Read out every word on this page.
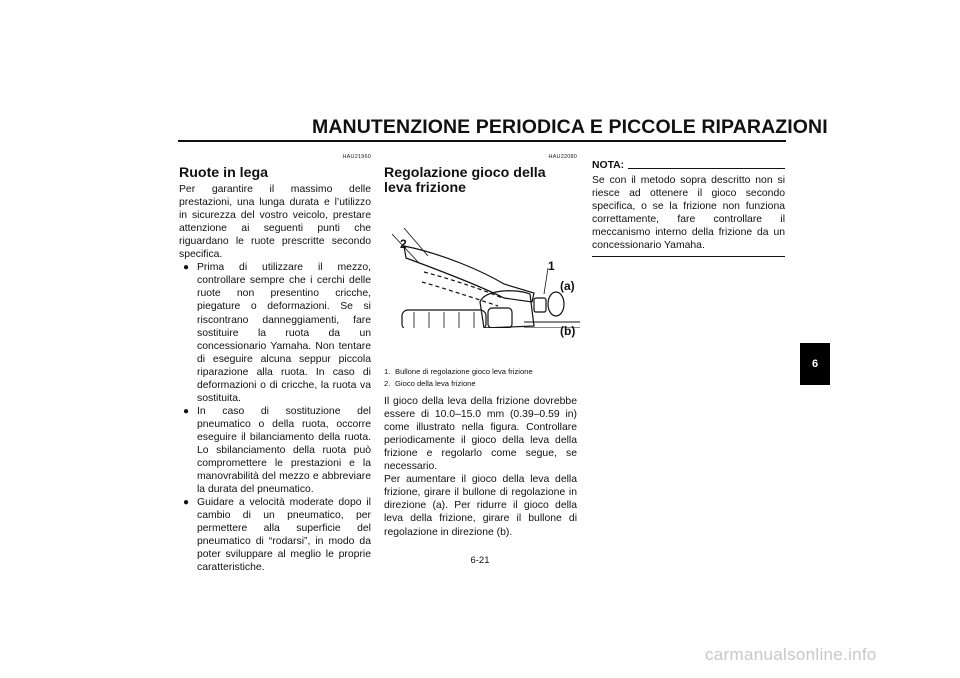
MANUTENZIONE PERIODICA E PICCOLE RIPARAZIONI
HAU21960
Ruote in lega

Per garantire il massimo delle prestazioni, una lunga durata e l’utilizzo in sicurezza del vostro veicolo, prestare attenzione ai seguenti punti che riguardano le ruote prescritte secondo specifica.

● Prima di utilizzare il mezzo, controllare sempre che i cerchi delle ruote non presentino cricche, piegature o deformazioni. Se si riscontrano danneggiamenti, fare sostituire la ruota da un concessionario Yamaha. Non tentare di eseguire alcuna seppur piccola riparazione alla ruota. In caso di deformazioni o di cricche, la ruota va sostituita.
● In caso di sostituzione del pneumatico o della ruota, occorre eseguire il bilanciamento della ruota. Lo sbilanciamento della ruota può compromettere le prestazioni e la manovrabilità del mezzo e abbreviare la durata del pneumatico.
● Guidare a velocità moderate dopo il cambio di un pneumatico, per permettere alla superficie del pneumatico di “rodarsi”, in modo da poter sviluppare al meglio le proprie caratteristiche.
HAU22080
Regolazione gioco della leva frizione
2
1
(a)
(b)
1. Bullone di regolazione gioco leva frizione
2. Gioco della leva frizione

Il gioco della leva della frizione dovrebbe essere di 10.0–15.0 mm (0.39–0.59 in) come illustrato nella figura. Controllare periodicamente il gioco della leva della frizione e regolarlo come segue, se necessario.

Per aumentare il gioco della leva della frizione, girare il bullone di regolazione in direzione (a). Per ridurre il gioco della leva della frizione, girare il bullone di regolazione in direzione (b).

NOTA:

Se con il metodo sopra descritto non si riesce ad ottenere il gioco secondo specifica, o se la frizione non funziona correttamente, fare controllare il meccanismo interno della frizione da un concessionario Yamaha.

6
6-21
carmanualsonline.info
